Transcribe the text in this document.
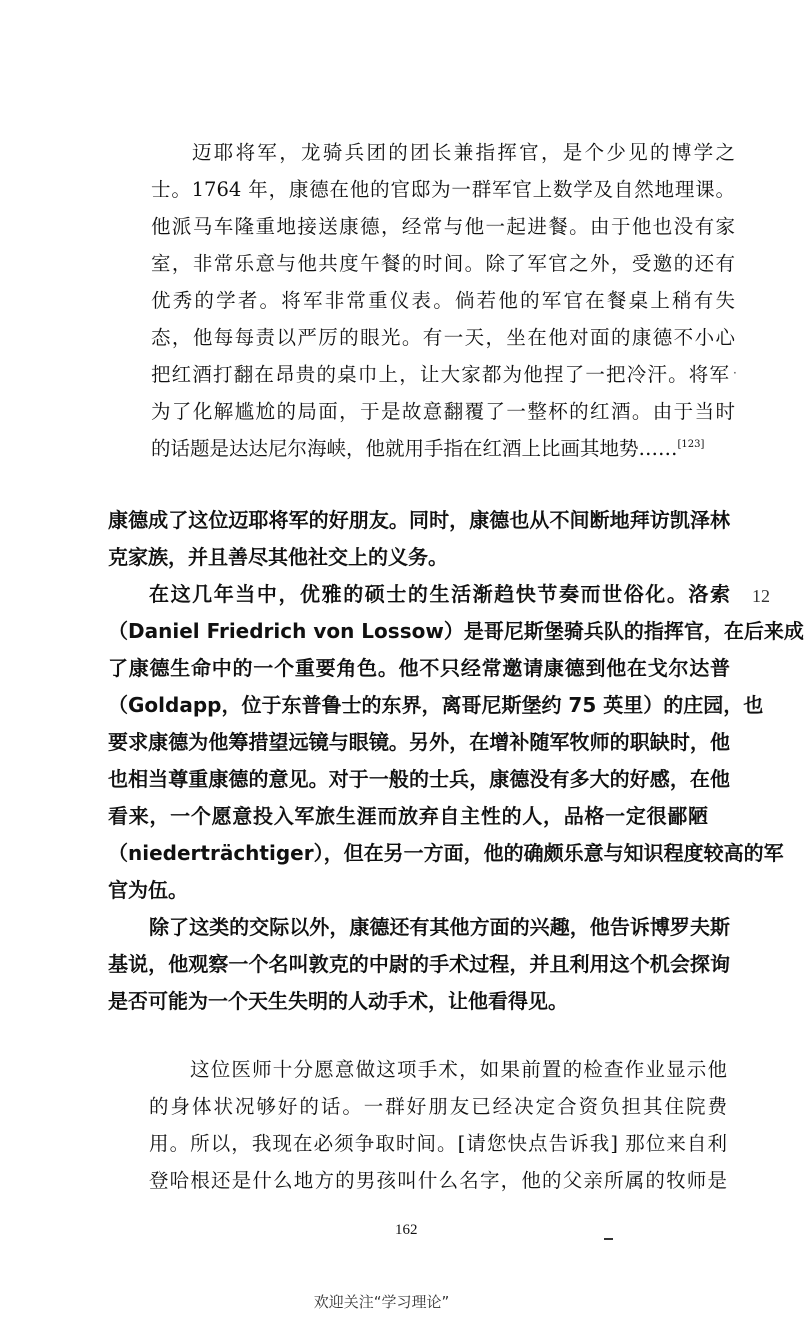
迈耶将军，龙骑兵团的团长兼指挥官，是个少见的博学之
士。1764 年，康德在他的官邸为一群军官上数学及自然地理课。
他派马车隆重地接送康德，经常与他一起进餐。由于他也没有家
室，非常乐意与他共度午餐的时间。除了军官之外，受邀的还有
优秀的学者。将军非常重仪表。倘若他的军官在餐桌上稍有失
态，他每每责以严厉的眼光。有一天，坐在他对面的康德不小心
把红酒打翻在昂贵的桌巾上，让大家都为他捏了一把冷汗。将军
为了化解尴尬的局面，于是故意翻覆了一整杯的红酒。由于当时
的话题是达达尼尔海峡，他就用手指在红酒上比画其地势……[123]
·
康德成了这位迈耶将军的好朋友。同时，康德也从不间断地拜访凯泽林
克家族，并且善尽其他社交上的义务。
在这几年当中，优雅的硕士的生活渐趋快节奏而世俗化。洛索
（Daniel Friedrich von Lossow）是哥尼斯堡骑兵队的指挥官，在后来成
了康德生命中的一个重要角色。他不只经常邀请康德到他在戈尔达普
（Goldapp，位于东普鲁士的东界，离哥尼斯堡约 75 英里）的庄园，也
要求康德为他筹措望远镜与眼镜。另外，在增补随军牧师的职缺时，他
也相当尊重康德的意见。对于一般的士兵，康德没有多大的好感，在他
看来，一个愿意投入军旅生涯而放弃自主性的人，品格一定很鄙陋
（niederträchtiger），但在另一方面，他的确颇乐意与知识程度较高的军
官为伍。
除了这类的交际以外，康德还有其他方面的兴趣，他告诉博罗夫斯
基说，他观察一个名叫敦克的中尉的手术过程，并且利用这个机会探询
是否可能为一个天生失明的人动手术，让他看得见。
12
这位医师十分愿意做这项手术，如果前置的检查作业显示他
的身体状况够好的话。一群好朋友已经决定合资负担其住院费
用。所以，我现在必须争取时间。[请您快点告诉我] 那位来自利
登哈根还是什么地方的男孩叫什么名字，他的父亲所属的牧师是
162
欢迎关注“学习理论”
